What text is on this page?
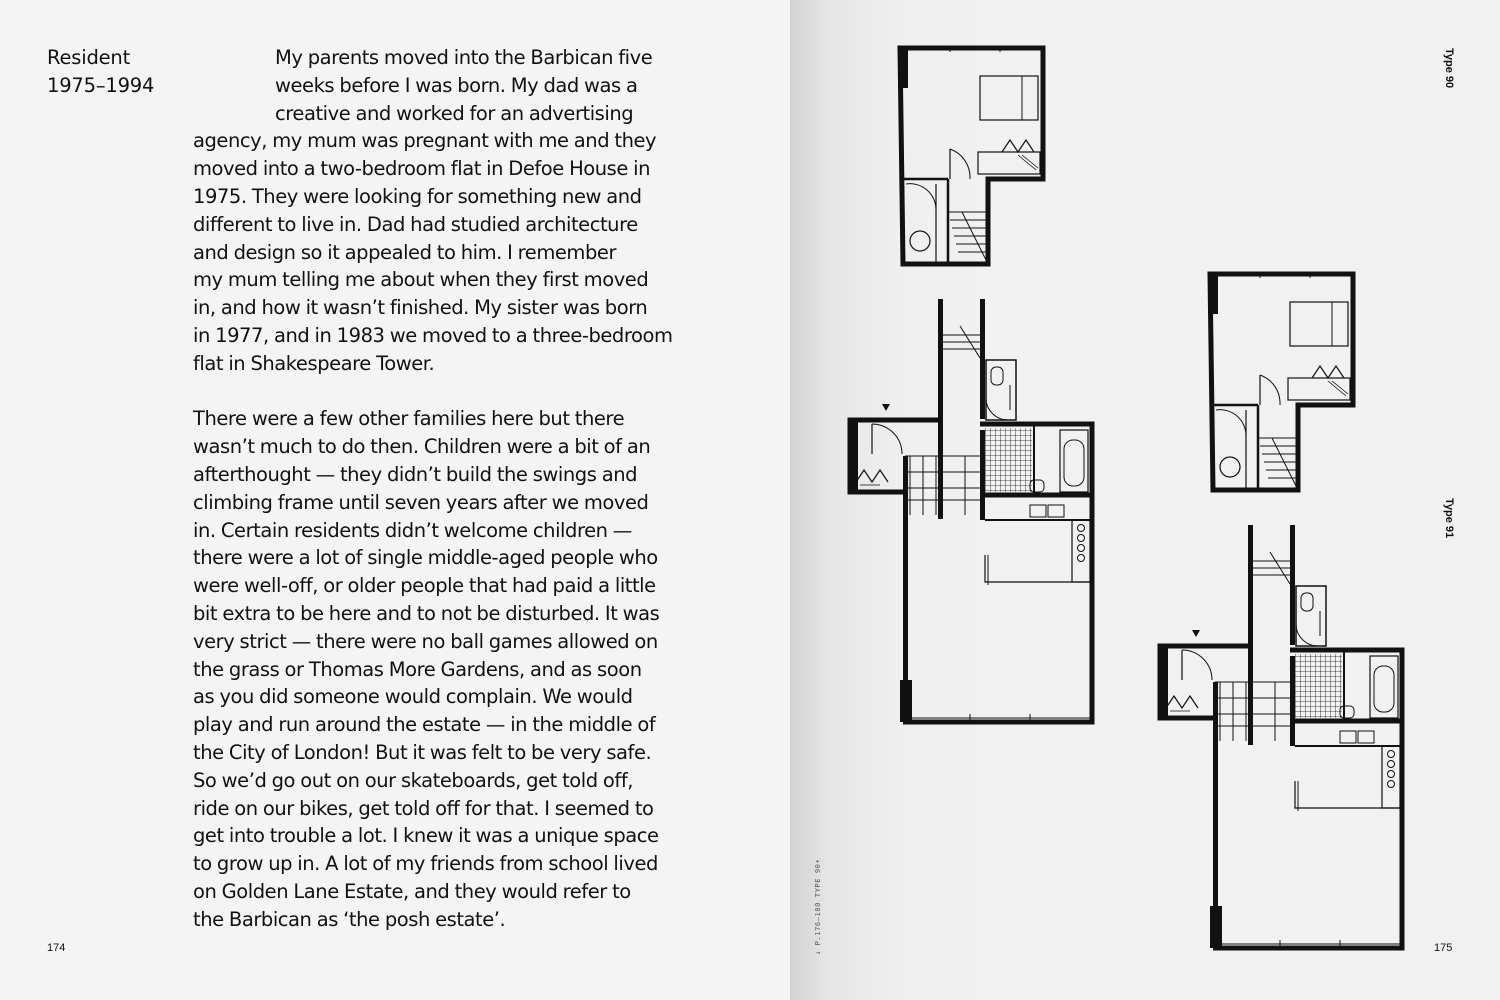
Resident
1975–1994
My parents moved into the Barbican five
weeks before I was born. My dad was a
creative and worked for an advertising
agency, my mum was pregnant with me and they
moved into a two-bedroom flat in Defoe House in
1975. They were looking for something new and
different to live in. Dad had studied architecture
and design so it appealed to him. I remember
my mum telling me about when they first moved
in, and how it wasn’t finished. My sister was born
in 1977, and in 1983 we moved to a three-bedroom
flat in Shakespeare Tower.
There were a few other families here but there
wasn’t much to do then. Children were a bit of an
afterthought — they didn’t build the swings and
climbing frame until seven years after we moved
in. Certain residents didn’t welcome children —
there were a lot of single middle-aged people who
were well-off, or older people that had paid a little
bit extra to be here and to not be disturbed. It was
very strict — there were no ball games allowed on
the grass or Thomas More Gardens, and as soon
as you did someone would complain. We would
play and run around the estate — in the middle of
the City of London! But it was felt to be very safe.
So we’d go out on our skateboards, get told off,
ride on our bikes, get told off for that. I seemed to
get into trouble a lot. I knew it was a unique space
to grow up in. A lot of my friends from school lived
on Golden Lane Estate, and they would refer to
the Barbican as ‘the posh estate’.
174
Type 90
Type 91
↓ P.176–180 TYPE 90•	175
